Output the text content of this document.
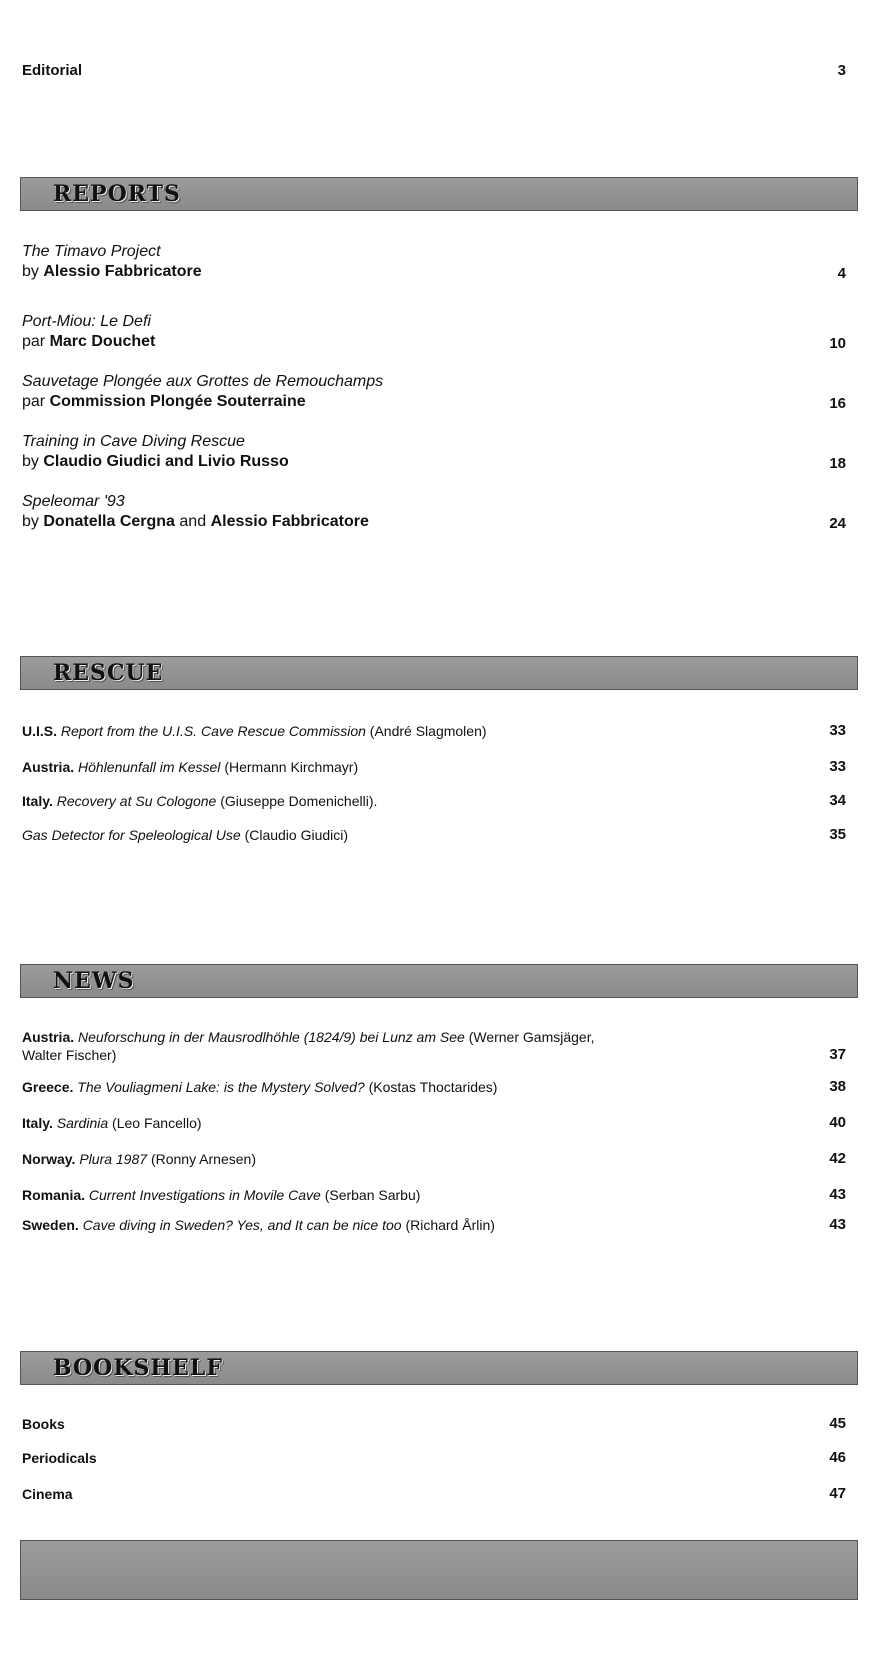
Editorial	3
REPORTS
The Timavo Project
by Alessio Fabbricatore	4
Port-Miou: Le Defi
par Marc Douchet	10
Sauvetage Plongée aux Grottes de Remouchamps
par Commission Plongée Souterraine	16
Training in Cave Diving Rescue
by Claudio Giudici and Livio Russo	18
Speleomar '93
by Donatella Cergna and Alessio Fabbricatore	24
RESCUE
U.I.S. Report from the U.I.S. Cave Rescue Commission (André Slagmolen)	33
Austria. Höhlenunfall im Kessel (Hermann Kirchmayr)	33
Italy. Recovery at Su Cologone (Giuseppe Domenichelli).	34
Gas Detector for Speleological Use (Claudio Giudici)	35
NEWS
Austria. Neuforschung in der Mausrodlhöhle (1824/9) bei Lunz am See (Werner Gamsjäger,
Walter Fischer)	37
Greece. The Vouliagmeni Lake: is the Mystery Solved? (Kostas Thoctarides)	38
Italy. Sardinia (Leo Fancello)	40
Norway. Plura 1987 (Ronny Arnesen)	42
Romania. Current Investigations in Movile Cave (Serban Sarbu)	43
Sweden. Cave diving in Sweden? Yes, and It can be nice too (Richard Årlin)	43
BOOKSHELF
Books	45
Periodicals	46
Cinema	47
